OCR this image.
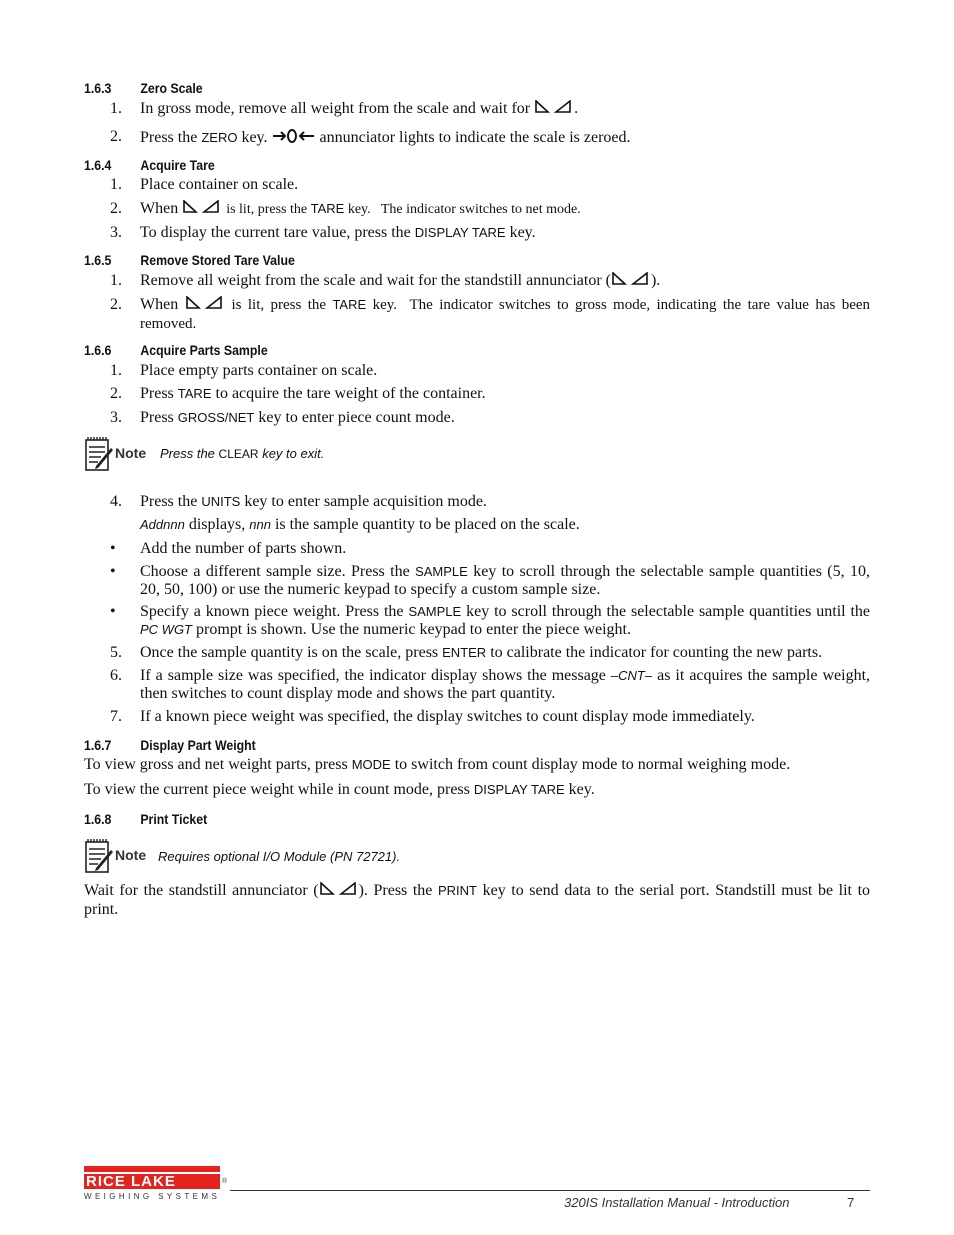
1.6.3 Zero Scale
1.	In gross mode, remove all weight from the scale and wait for	.
2.	Press the ZERO key.	annunciator lights to indicate the scale is zeroed.
1.6.4 Acquire Tare
1.	Place container on scale.
2.	When	is lit, press the TARE key. The indicator switches to net mode.
3.	To display the current tare value, press the DISPLAY TARE key.
1.6.5 Remove Stored Tare Value
1.	Remove all weight from the scale and wait for the standstill annunciator (	).
2.	When	is lit, press the TARE key. The indicator switches to gross mode, indicating the tare value has been removed.
1.6.6 Acquire Parts Sample
1.	Place empty parts container on scale.
2.	Press TARE to acquire the tare weight of the container.
3.	Press GROSS/NET key to enter piece count mode.
Note Press the CLEAR key to exit.
4.	Press the UNITS key to enter sample acquisition mode.
Addnnn displays, nnn is the sample quantity to be placed on the scale.
•	Add the number of parts shown.
•	Choose a different sample size. Press the SAMPLE key to scroll through the selectable sample quantities (5, 10, 20, 50, 100) or use the numeric keypad to specify a custom sample size.
•	Specify a known piece weight. Press the SAMPLE key to scroll through the selectable sample quantities until the PC WGT prompt is shown. Use the numeric keypad to enter the piece weight.
5.	Once the sample quantity is on the scale, press ENTER to calibrate the indicator for counting the new parts.
6.	If a sample size was specified, the indicator display shows the message –CNT– as it acquires the sample weight, then switches to count display mode and shows the part quantity.
7.	If a known piece weight was specified, the display switches to count display mode immediately.
1.6.7 Display Part Weight
To view gross and net weight parts, press MODE to switch from count display mode to normal weighing mode.
To view the current piece weight while in count mode, press DISPLAY TARE key.
1.6.8 Print Ticket
Note Requires optional I/O Module (PN 72721).
Wait for the standstill annunciator (	). Press the PRINT key to send data to the serial port. Standstill must be lit to print.
RICE LAKE	®
WEIGHING SYSTEMS	320IS Installation Manual - Introduction	7
